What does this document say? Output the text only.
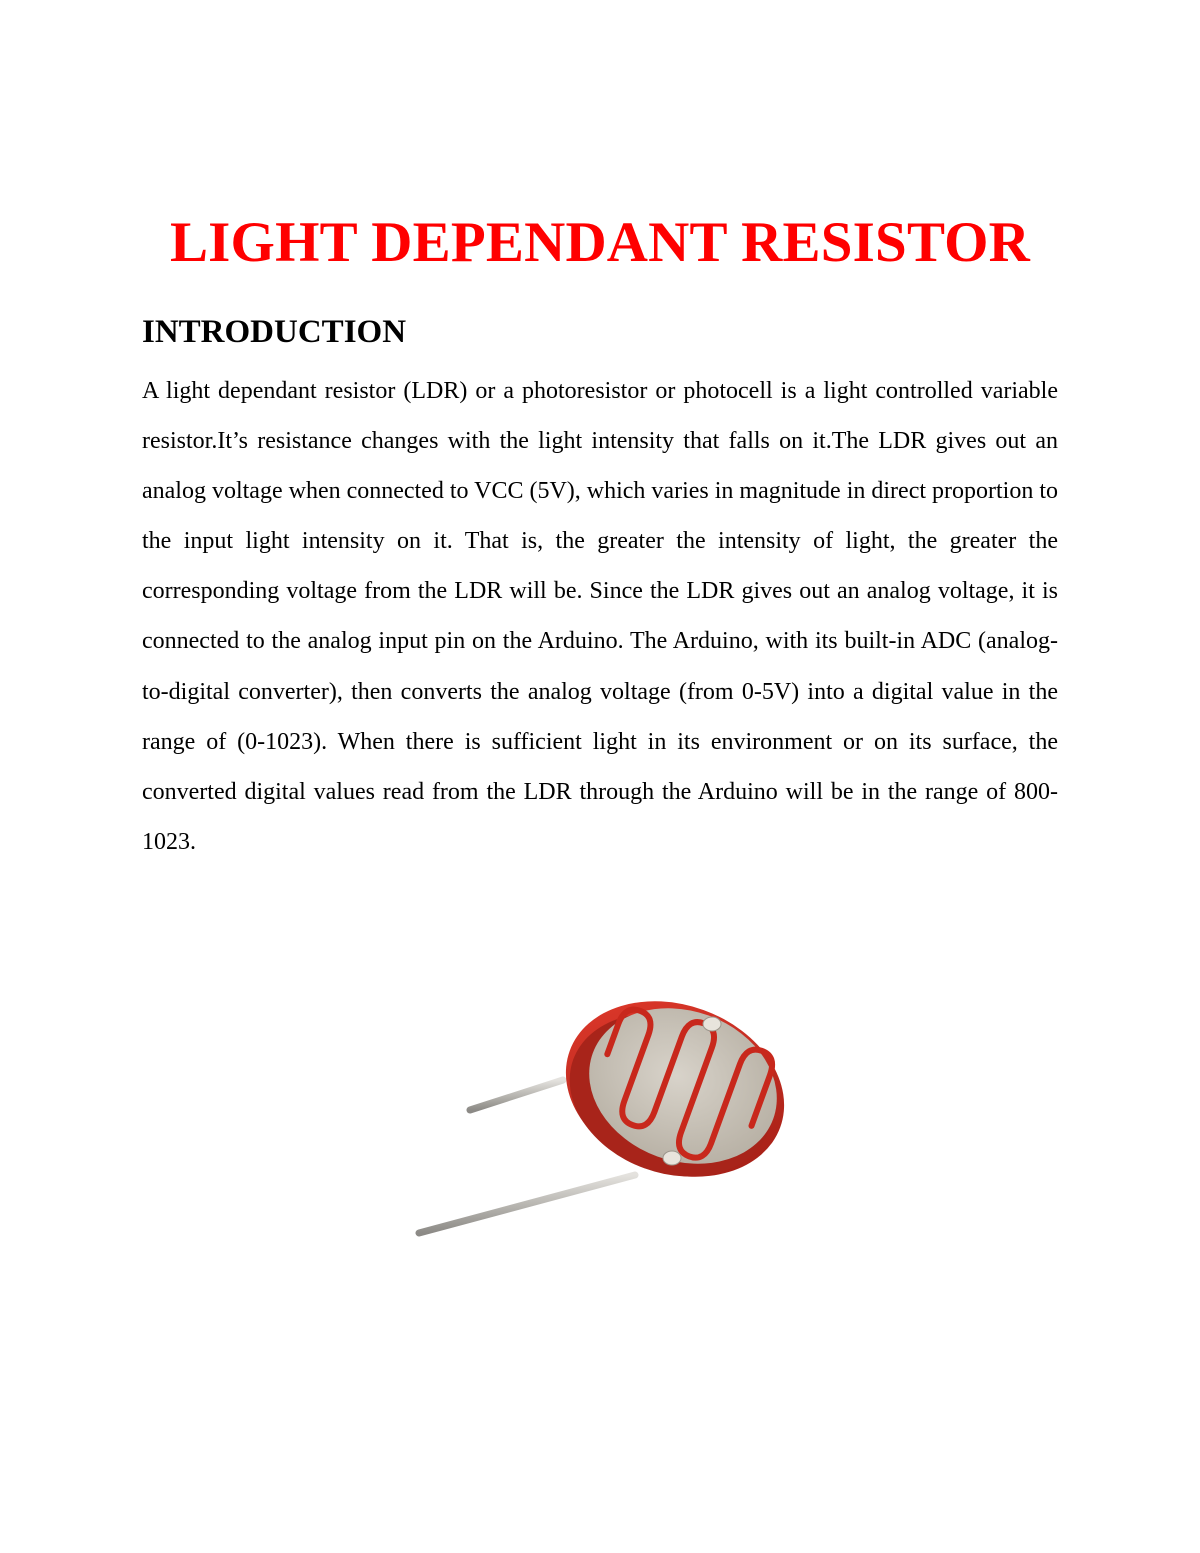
LIGHT DEPENDANT RESISTOR
INTRODUCTION

A light dependant resistor (LDR) or a photoresistor or photocell is a light controlled variable resistor.It’s resistance changes with the light intensity that falls on it.The LDR gives out an analog voltage when connected to VCC (5V), which varies in magnitude in direct proportion to the input light intensity on it. That is, the greater the intensity of light, the greater the corresponding voltage from the LDR will be. Since the LDR gives out an analog voltage, it is connected to the analog input pin on the Arduino. The Arduino, with its built-in ADC (analog-to-digital converter), then converts the analog voltage (from 0-5V) into a digital value in the range of (0-1023). When there is sufficient light in its environment or on its surface, the converted digital values read from the LDR through the Arduino will be in the range of 800-1023.
